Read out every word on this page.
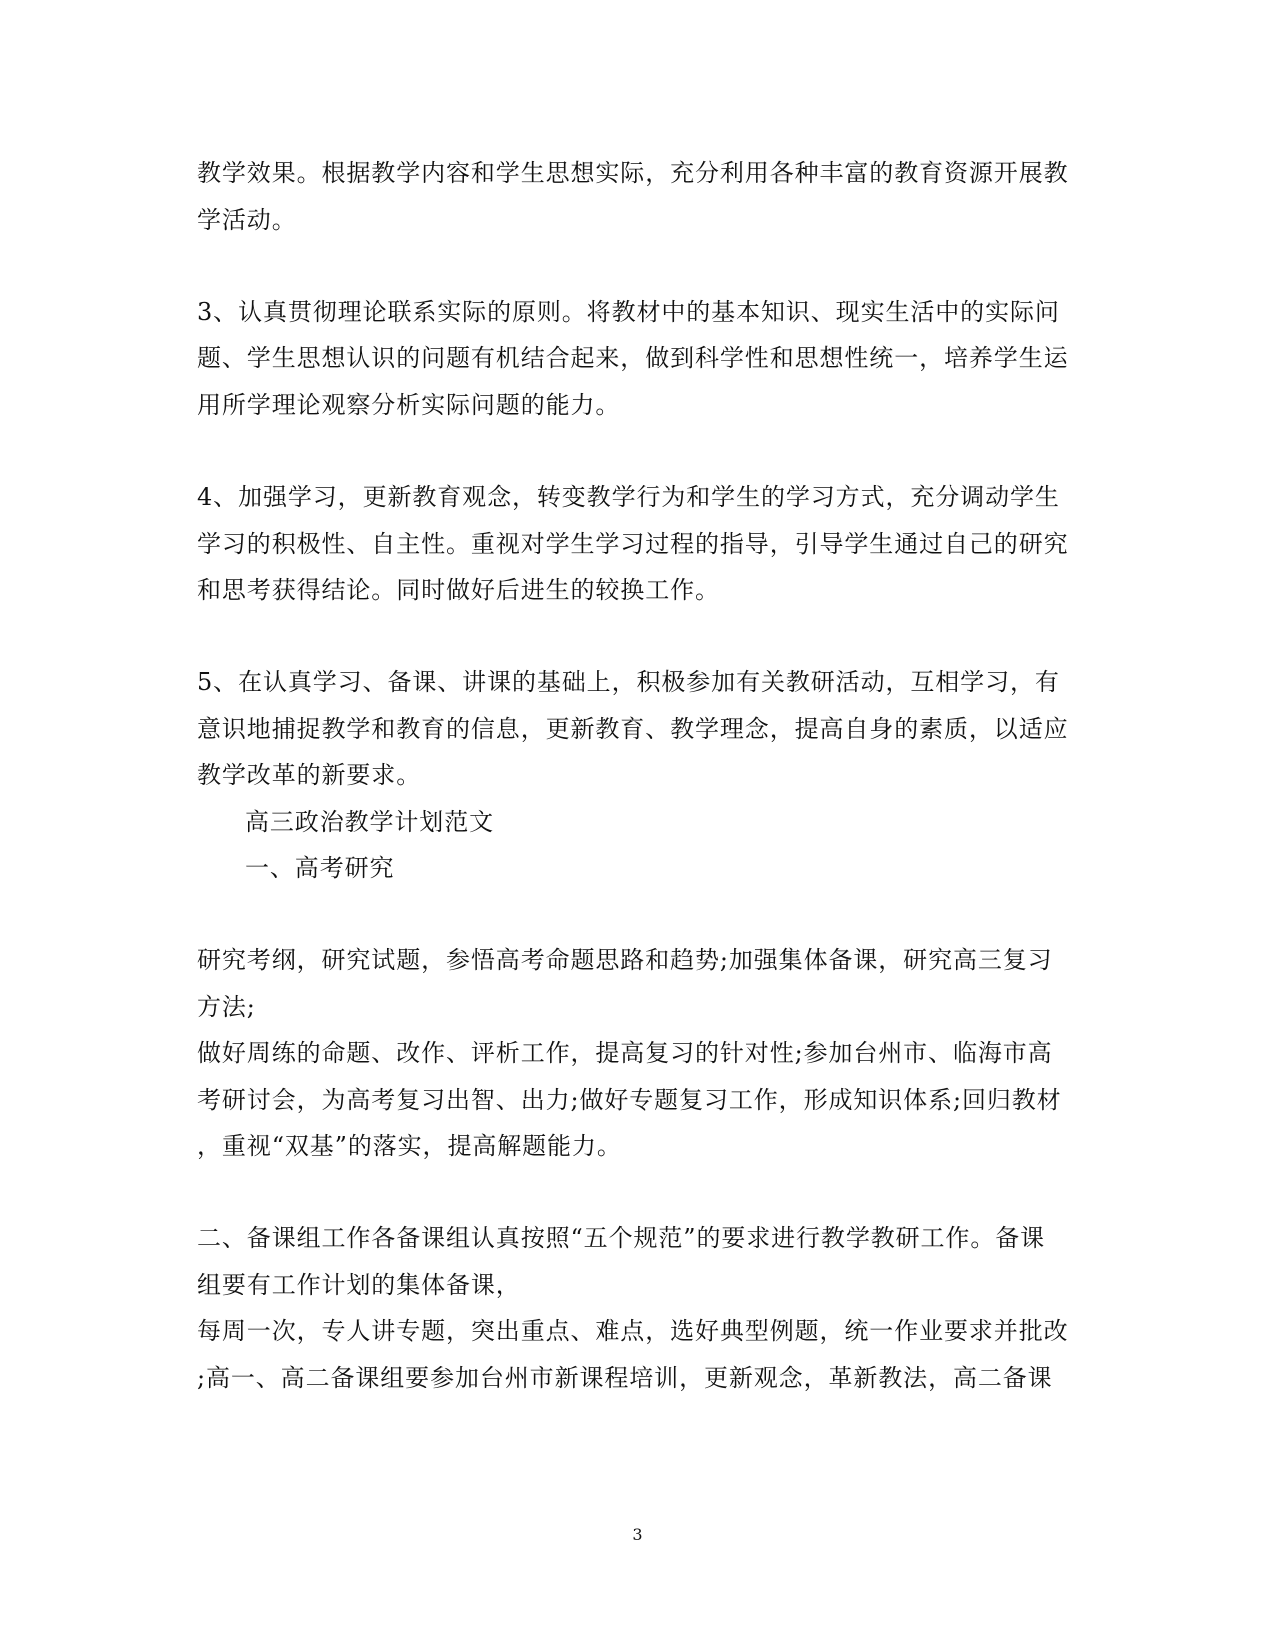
教学效果。根据教学内容和学生思想实际，充分利用各种丰富的教育资源开展教
学活动。
3、认真贯彻理论联系实际的原则。将教材中的基本知识、现实生活中的实际问
题、学生思想认识的问题有机结合起来，做到科学性和思想性统一，培养学生运
用所学理论观察分析实际问题的能力。
4、加强学习，更新教育观念，转变教学行为和学生的学习方式，充分调动学生
学习的积极性、自主性。重视对学生学习过程的指导，引导学生通过自己的研究
和思考获得结论。同时做好后进生的较换工作。
5、在认真学习、备课、讲课的基础上，积极参加有关教研活动，互相学习，有
意识地捕捉教学和教育的信息，更新教育、教学理念，提高自身的素质，以适应
教学改革的新要求。
高三政治教学计划范文
一、高考研究
研究考纲，研究试题，参悟高考命题思路和趋势;加强集体备课，研究高三复习
方法;
做好周练的命题、改作、评析工作，提高复习的针对性;参加台州市、临海市高
考研讨会，为高考复习出智、出力;做好专题复习工作，形成知识体系;回归教材
，重视“双基”的落实，提高解题能力。
二、备课组工作各备课组认真按照“五个规范”的要求进行教学教研工作。备课
组要有工作计划的集体备课，
每周一次，专人讲专题，突出重点、难点，选好典型例题，统一作业要求并批改
;高一、高二备课组要参加台州市新课程培训，更新观念，革新教法，高二备课
3
